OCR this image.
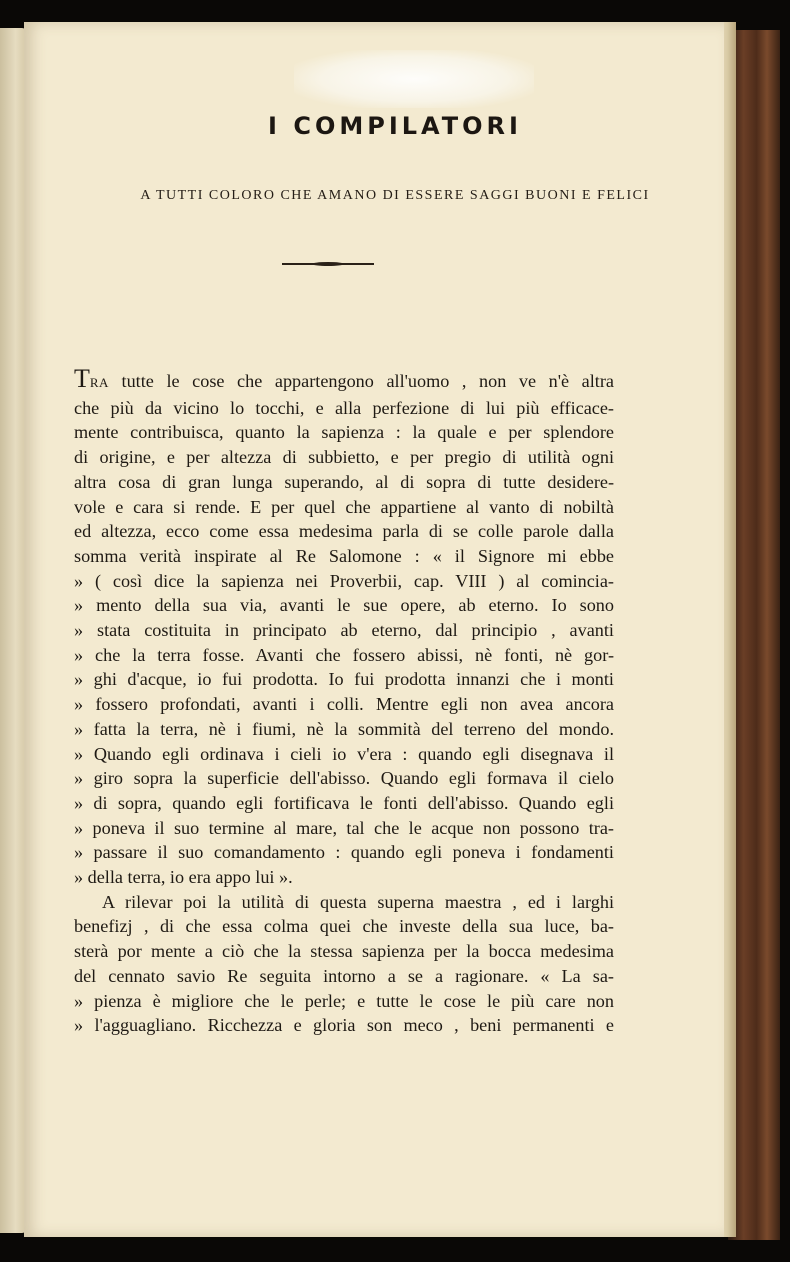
I COMPILATORI
A TUTTI COLORO CHE AMANO DI ESSERE SAGGI BUONI E FELICI
TRA tutte le cose che appartengono all'uomo , non ve n'è altra
che più da vicino lo tocchi, e alla perfezione di lui più efficace-
mente contribuisca, quanto la sapienza : la quale e per splendore
di origine, e per altezza di subbietto, e per pregio di utilità ogni
altra cosa di gran lunga superando, al di sopra di tutte desidere-
vole e cara si rende. E per quel che appartiene al vanto di nobiltà
ed altezza, ecco come essa medesima parla di se colle parole dalla
somma verità inspirate al Re Salomone : « il Signore mi ebbe
» ( così dice la sapienza nei Proverbii, cap. VIII ) al comincia-
» mento della sua via, avanti le sue opere, ab eterno. Io sono
» stata costituita in principato ab eterno, dal principio , avanti
» che la terra fosse. Avanti che fossero abissi, nè fonti, nè gor-
» ghi d'acque, io fui prodotta. Io fui prodotta innanzi che i monti
» fossero profondati, avanti i colli. Mentre egli non avea ancora
» fatta la terra, nè i fiumi, nè la sommità del terreno del mondo.
» Quando egli ordinava i cieli io v'era : quando egli disegnava il
» giro sopra la superficie dell'abisso. Quando egli formava il cielo
» di sopra, quando egli fortificava le fonti dell'abisso. Quando egli
» poneva il suo termine al mare, tal che le acque non possono tra-
» passare il suo comandamento : quando egli poneva i fondamenti
» della terra, io era appo lui ».
A rilevar poi la utilità di questa superna maestra , ed i larghi
benefizj , di che essa colma quei che investe della sua luce, ba-
sterà por mente a ciò che la stessa sapienza per la bocca medesima
del cennato savio Re seguita intorno a se a ragionare. « La sa-
» pienza è migliore che le perle; e tutte le cose le più care non
» l'agguagliano. Ricchezza e gloria son meco , beni permanenti e
